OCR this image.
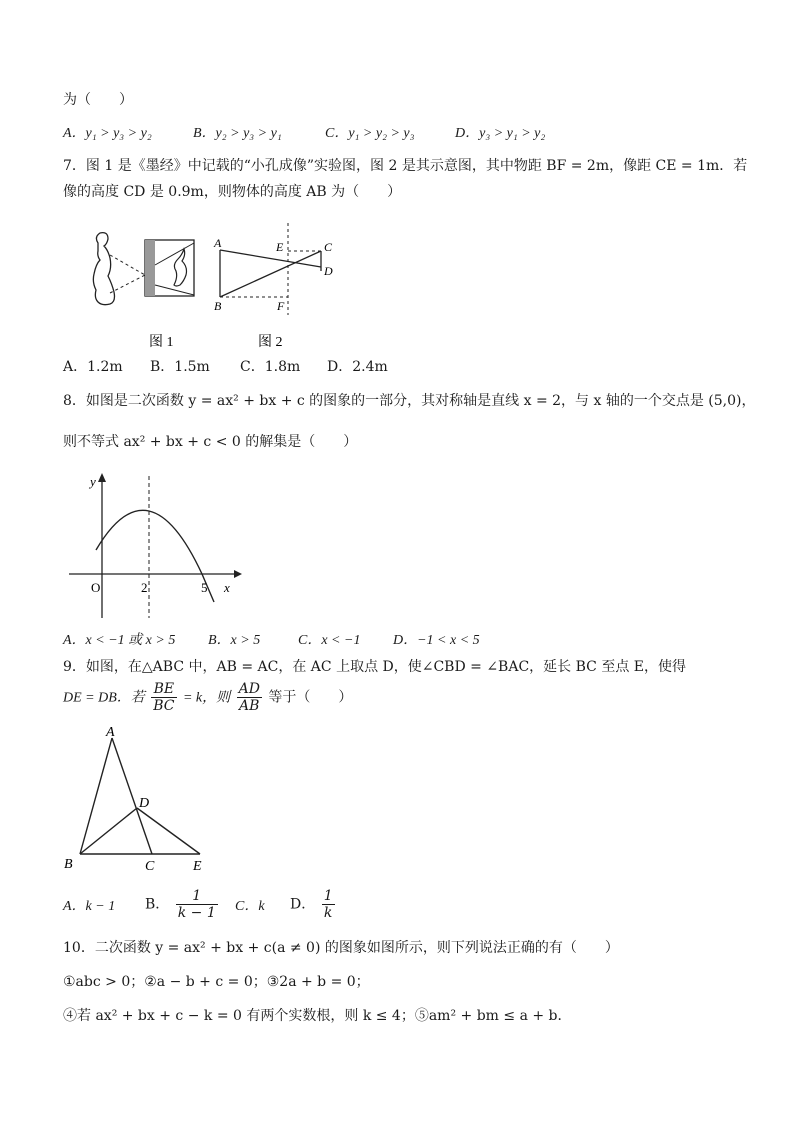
为（　　）
A．y₁ > y₃ > y₂	B．y₂ > y₃ > y₁	C．y₁ > y₂ > y₃	D．y₃ > y₁ > y₂
7．图 1 是《墨经》中记载的“小孔成像”实验图，图 2 是其示意图，其中物距 BF = 2m，像距 CE = 1m．若
像的高度 CD 是 0.9m，则物体的高度 AB 为（　　）
图 1
A
B
E
F
C
D
图 2
A．1.2m B．1.5m C．1.8m D．2.4m
8．如图是二次函数 y = ax² + bx + c 的图象的一部分，其对称轴是直线 x = 2，与 x 轴的一个交点是 (5,0)，
则不等式 ax² + bx + c < 0 的解集是（　　）
y
x
O	2	5
A．x < −1 或 x > 5 B．x > 5	C．x < −1 D．−1 < x < 5
9．如图，在△ABC 中，AB = AC，在 AC 上取点 D，使∠CBD = ∠BAC，延长 BC 至点 E，使得
DE = DB．若 $\frac{BE}{BC} = k$，则 $\frac{AD}{AB}$ 等于（　　）
A
B	C
D
E
A．k − 1 B． $\frac{1}{k - 1}$ C．k D． $\frac{1}{k}$
10．二次函数 y = ax² + bx + c(a ≠ 0) 的图象如图所示，则下列说法正确的有（　　）
①abc > 0；②a − b + c = 0；③2a + b = 0；
④若 ax² + bx + c − k = 0 有两个实数根，则 k ≤ 4；⑤am² + bm ≤ a + b．
